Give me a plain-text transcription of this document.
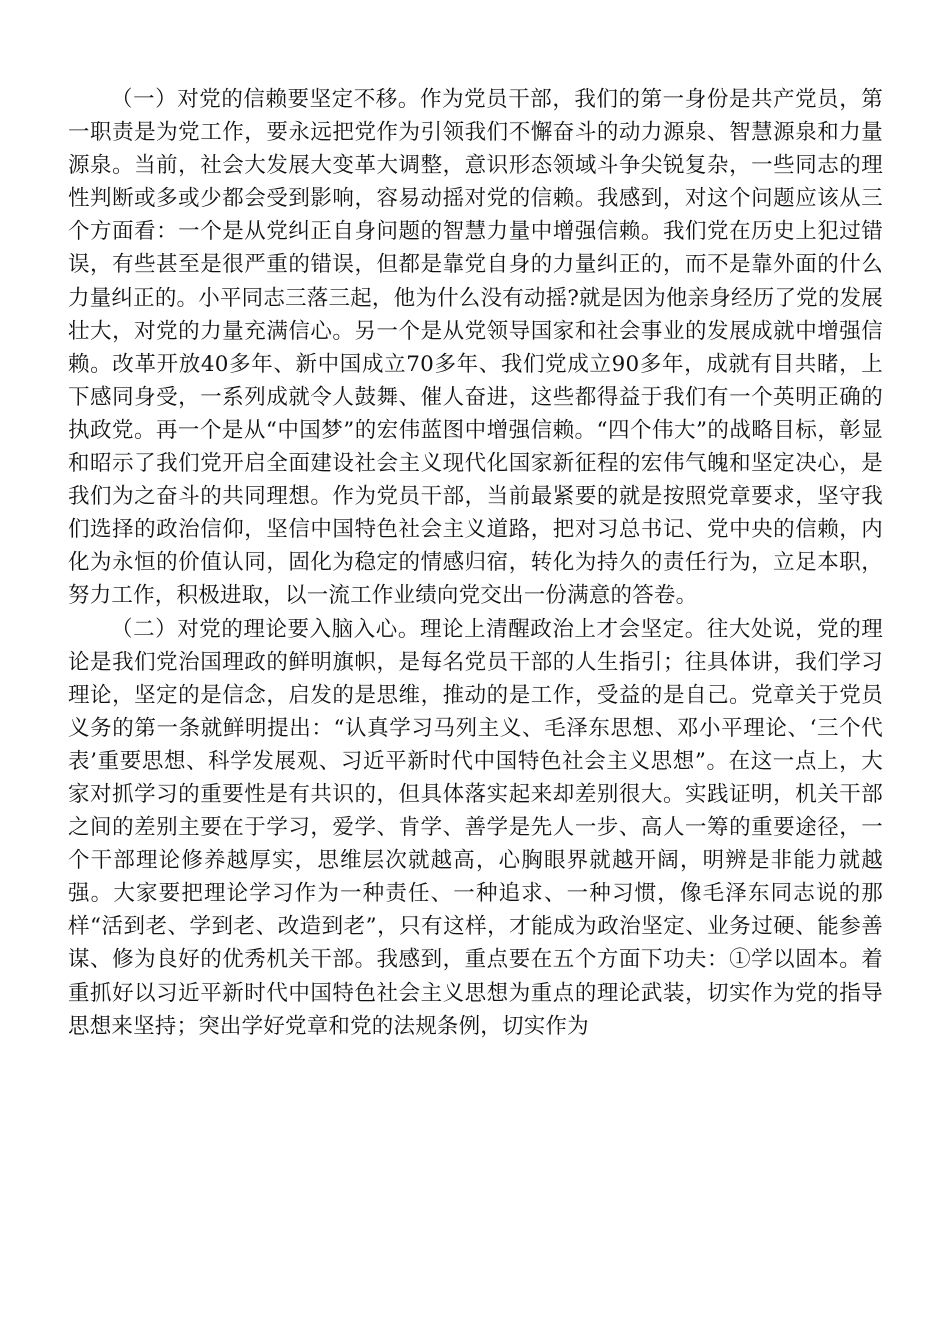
（一）对党的信赖要坚定不移。作为党员干部，我们的第一身份是共产党员，第一职责是为党工作，要永远把党作为引领我们不懈奋斗的动力源泉、智慧源泉和力量源泉。当前，社会大发展大变革大调整，意识形态领域斗争尖锐复杂，一些同志的理性判断或多或少都会受到影响，容易动摇对党的信赖。我感到，对这个问题应该从三个方面看：一个是从党纠正自身问题的智慧力量中增强信赖。我们党在历史上犯过错误，有些甚至是很严重的错误，但都是靠党自身的力量纠正的，而不是靠外面的什么力量纠正的。小平同志三落三起，他为什么没有动摇?就是因为他亲身经历了党的发展壮大，对党的力量充满信心。另一个是从党领导国家和社会事业的发展成就中增强信赖。改革开放40多年、新中国成立70多年、我们党成立90多年，成就有目共睹，上下感同身受，一系列成就令人鼓舞、催人奋进，这些都得益于我们有一个英明正确的执政党。再一个是从“中国梦”的宏伟蓝图中增强信赖。“四个伟大”的战略目标，彰显和昭示了我们党开启全面建设社会主义现代化国家新征程的宏伟气魄和坚定决心，是我们为之奋斗的共同理想。作为党员干部，当前最紧要的就是按照党章要求，坚守我们选择的政治信仰，坚信中国特色社会主义道路，把对习总书记、党中央的信赖，内化为永恒的价值认同，固化为稳定的情感归宿，转化为持久的责任行为，立足本职，努力工作，积极进取，以一流工作业绩向党交出一份满意的答卷。

（二）对党的理论要入脑入心。理论上清醒政治上才会坚定。往大处说，党的理论是我们党治国理政的鲜明旗帜，是每名党员干部的人生指引；往具体讲，我们学习理论，坚定的是信念，启发的是思维，推动的是工作，受益的是自己。党章关于党员义务的第一条就鲜明提出：“认真学习马列主义、毛泽东思想、邓小平理论、‘三个代表’重要思想、科学发展观、习近平新时代中国特色社会主义思想”。在这一点上，大家对抓学习的重要性是有共识的，但具体落实起来却差别很大。实践证明，机关干部之间的差别主要在于学习，爱学、肯学、善学是先人一步、高人一筹的重要途径，一个干部理论修养越厚实，思维层次就越高，心胸眼界就越开阔，明辨是非能力就越强。大家要把理论学习作为一种责任、一种追求、一种习惯，像毛泽东同志说的那样“活到老、学到老、改造到老”，只有这样，才能成为政治坚定、业务过硬、能参善谋、修为良好的优秀机关干部。我感到，重点要在五个方面下功夫：①学以固本。着重抓好以习近平新时代中国特色社会主义思想为重点的理论武装，切实作为党的指导思想来坚持；突出学好党章和党的法规条例，切实作为
